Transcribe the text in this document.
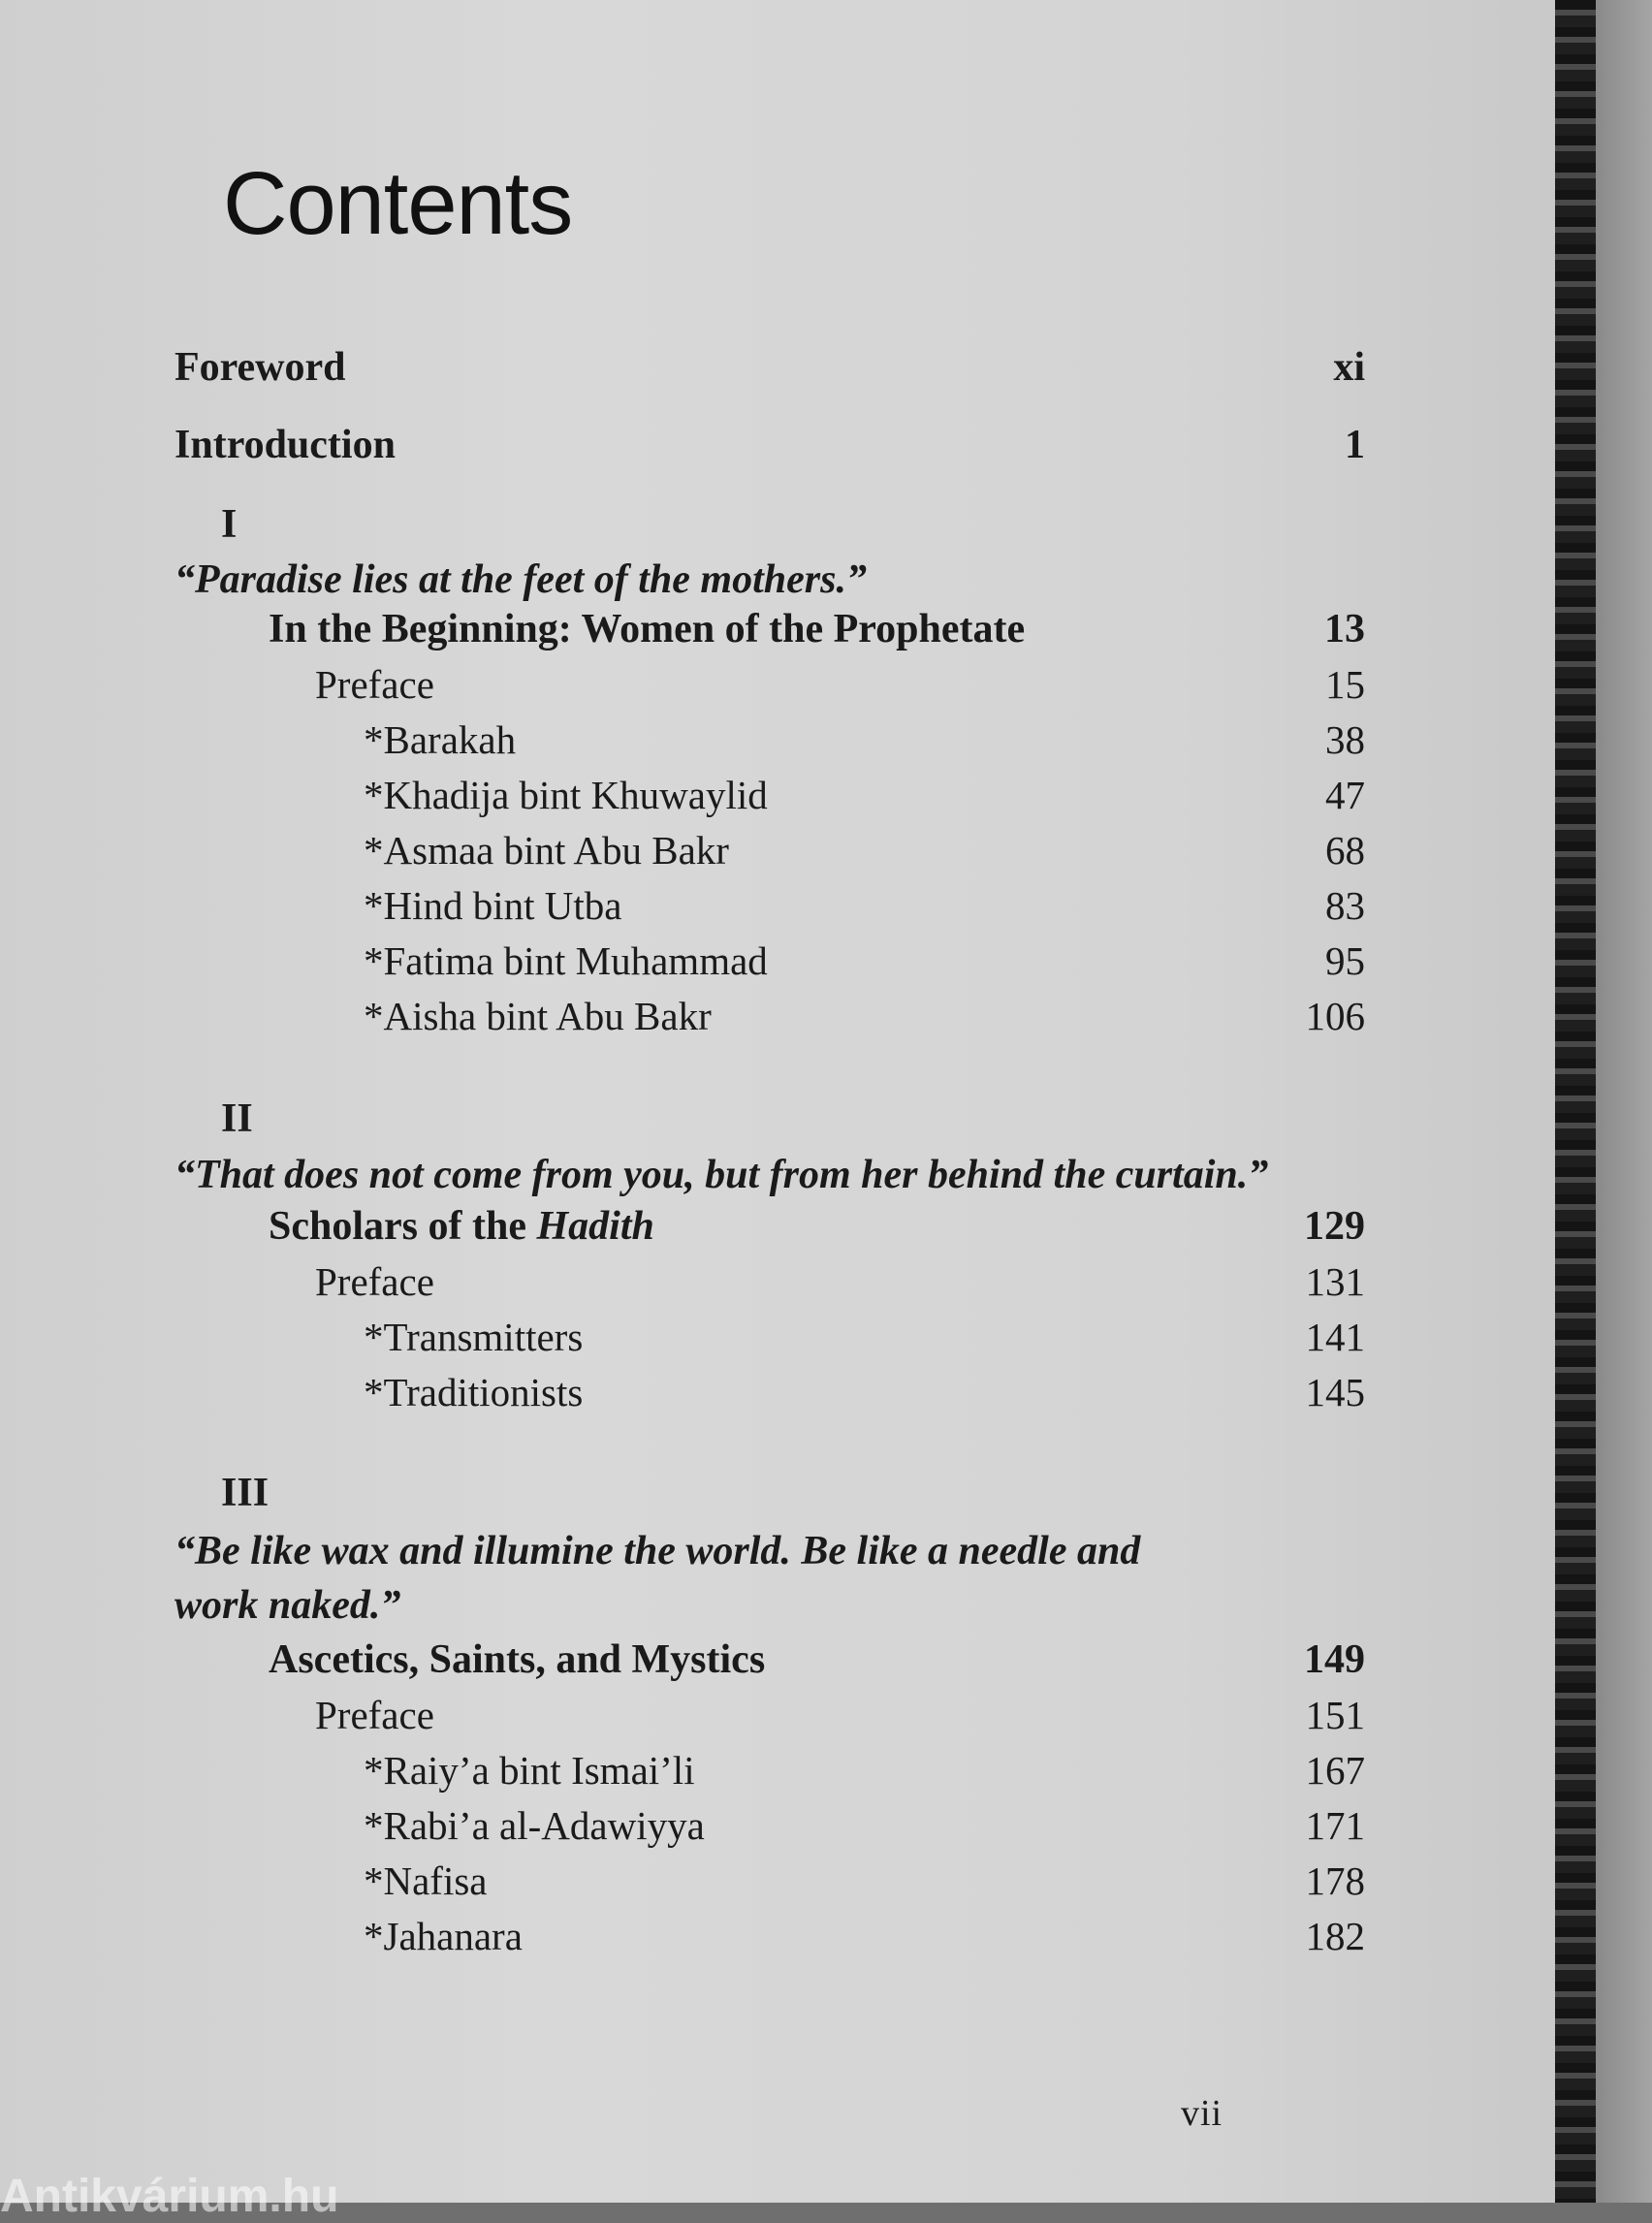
Contents
Foreword	xi
Introduction	1
I
“Paradise lies at the feet of the mothers.”
In the Beginning: Women of the Prophetate	13
Preface	15
*Barakah	38
*Khadija bint Khuwaylid	47
*Asmaa bint Abu Bakr	68
*Hind bint Utba	83
*Fatima bint Muhammad	95
*Aisha bint Abu Bakr	106
II
“That does not come from you, but from her behind the curtain.”
Scholars of the Hadith	129
Preface	131
*Transmitters	141
*Traditionists	145
III
“Be like wax and illumine the world. Be like a needle and
work naked.”
Ascetics, Saints, and Mystics	149
Preface	151
*Raiy’a bint Ismai’li	167
*Rabi’a al-Adawiyya	171
*Nafisa	178
*Jahanara	182
vii
Antikvárium.hu
